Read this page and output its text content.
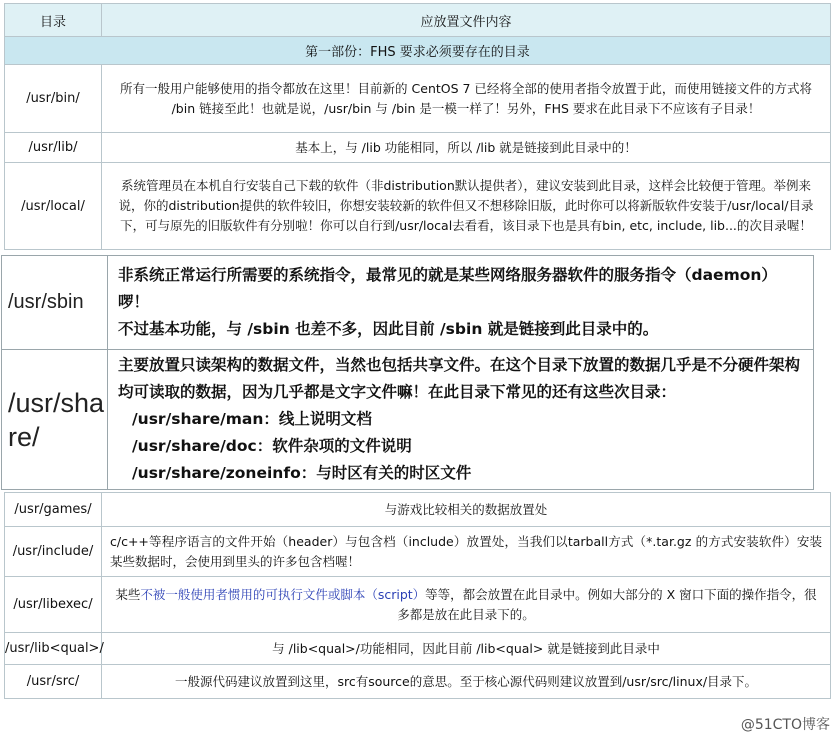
目录	应放置文件内容
第一部份：FHS 要求必须要存在的目录	
/usr/bin/	所有一般用户能够使用的指令都放在这里！目前新的 CentOS 7 已经将全部的使用者指令放置于此，而使用链接文件的方式将 /bin 链接至此！也就是说，/usr/bin 与 /bin 是一模一样了！另外，FHS 要求在此目录下不应该有子目录！
/usr/lib/	基本上，与 /lib 功能相同，所以 /lib 就是链接到此目录中的！
/usr/local/	系统管理员在本机自行安装自己下载的软件（非distribution默认提供者），建议安装到此目录，这样会比较便于管理。举例来说，你的distribution提供的软件较旧，你想安装较新的软件但又不想移除旧版，此时你可以将新版软件安装于/usr/local/目录下，可与原先的旧版软件有分别啦！你可以自行到/usr/local去看看，该目录下也是具有bin, etc, include, lib...的次目录喔！
/usr/sbin	非系统正常运行所需要的系统指令，最常见的就是某些网络服务器软件的服务指令（daemon）啰！
不过基本功能，与 /sbin 也差不多，因此目前 /sbin 就是链接到此目录中的。

/usr/share/	主要放置只读架构的数据文件，当然也包括共享文件。在这个目录下放置的数据几乎是不分硬件架构均可读取的数据，因为几乎都是文字文件嘛！在此目录下常见的还有这些次目录：
/usr/share/man：线上说明文档
/usr/share/doc：软件杂项的文件说明
/usr/share/zoneinfo：与时区有关的时区文件
/usr/games/	与游戏比较相关的数据放置处
/usr/include/	c/c++等程序语言的文件开始（header）与包含档（include）放置处，当我们以tarball方式（*.tar.gz 的方式安装软件）安装某些数据时，会使用到里头的许多包含档喔！
/usr/libexec/	某些不被一般使用者惯用的可执行文件或脚本（script）等等，都会放置在此目录中。例如大部分的 X 窗口下面的操作指令，很多都是放在此目录下的。
/usr/lib<qual>/	与 /lib<qual>/功能相同，因此目前 /lib<qual> 就是链接到此目录中
/usr/src/	一般源代码建议放置到这里，src有source的意思。至于核心源代码则建议放置到/usr/src/linux/目录下。
@51CTO博客
